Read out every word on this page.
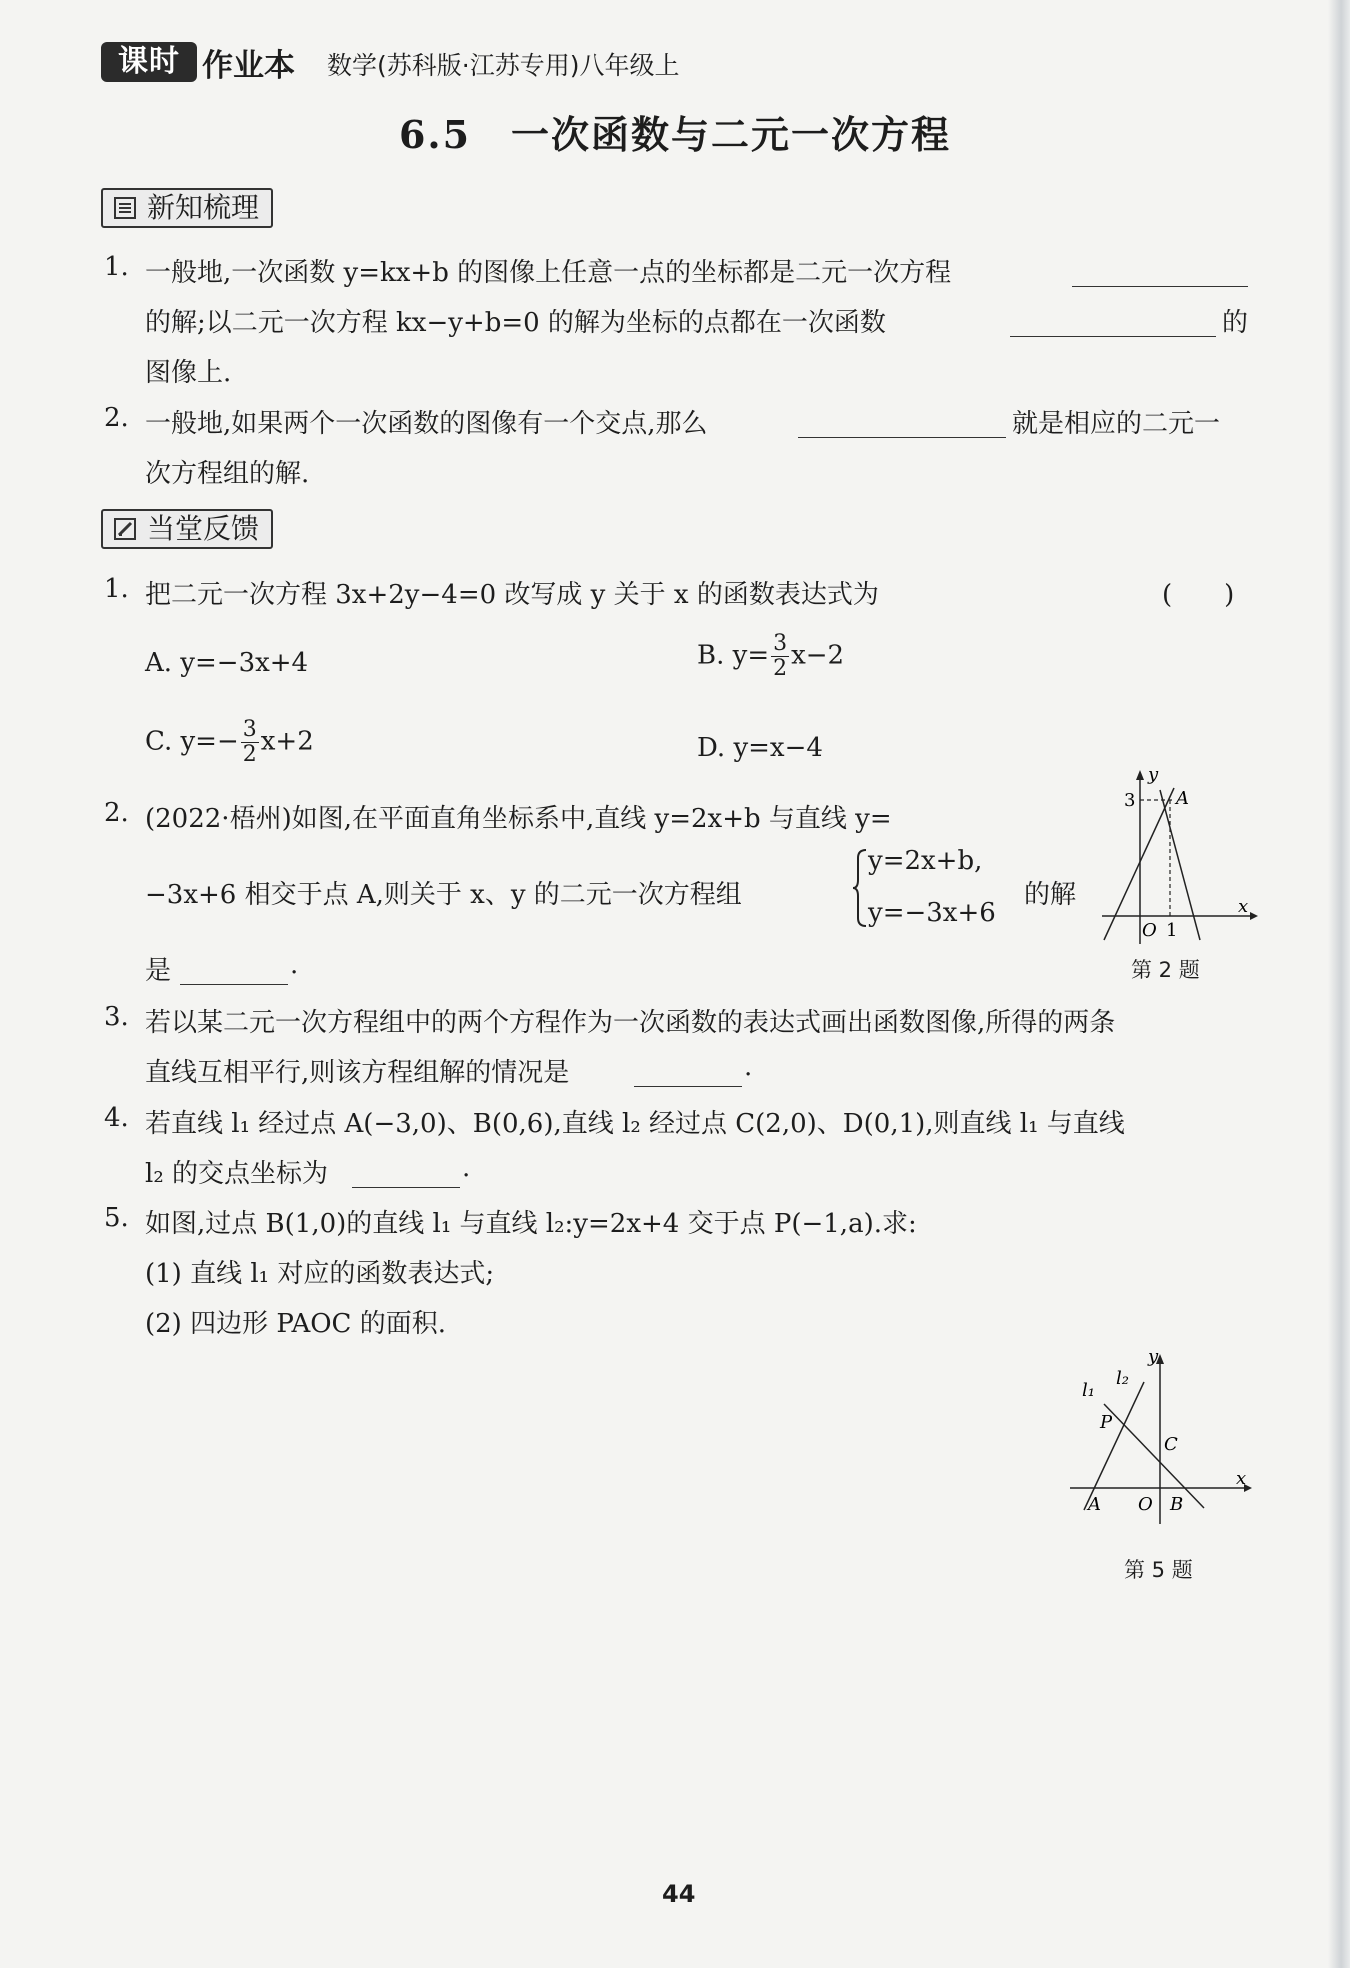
课时 作业本 数学(苏科版·江苏专用)八年级上
6.5　一次函数与二元一次方程
新知梳理
1. 一般地,一次函数 y=kx+b 的图像上任意一点的坐标都是二元一次方程
的解;以二元一次方程 kx−y+b=0 的解为坐标的点都在一次函数	的
图像上.
2. 一般地,如果两个一次函数的图像有一个交点,那么	就是相应的二元一
次方程组的解.
当堂反馈
1. 把二元一次方程 3x+2y−4=0 改写成 y 关于 x 的函数表达式为	(　　)
A. y=−3x+4	B. $y= \frac{3}{2} x-2$
C. $y=- \frac{3}{2} x+2$	D. y=x−4
2. (2022·梧州)如图,在平面直角坐标系中,直线 y=2x+b 与直线 y=
−3x+6 相交于点 A,则关于 x、y 的二元一次方程组
y=2x+b,
y=−3x+6
的解
是	.
y
x
A
O 1
3
第 2 题
3. 若以某二元一次方程组中的两个方程作为一次函数的表达式画出函数图像,所得的两条
直线互相平行,则该方程组解的情况是	.
4. 若直线 l₁ 经过点 A(−3,0)、B(0,6),直线 l₂ 经过点 C(2,0)、D(0,1),则直线 l₁ 与直线
l₂ 的交点坐标为	.
5. 如图,过点 B(1,0)的直线 l₁ 与直线 l₂:y=2x+4 交于点 P(−1,a).求:
(1) 直线 l₁ 对应的函数表达式;
(2) 四边形 PAOC 的面积.
y
x
l₁
l₂
P
C
A O B
第 5 题
44
